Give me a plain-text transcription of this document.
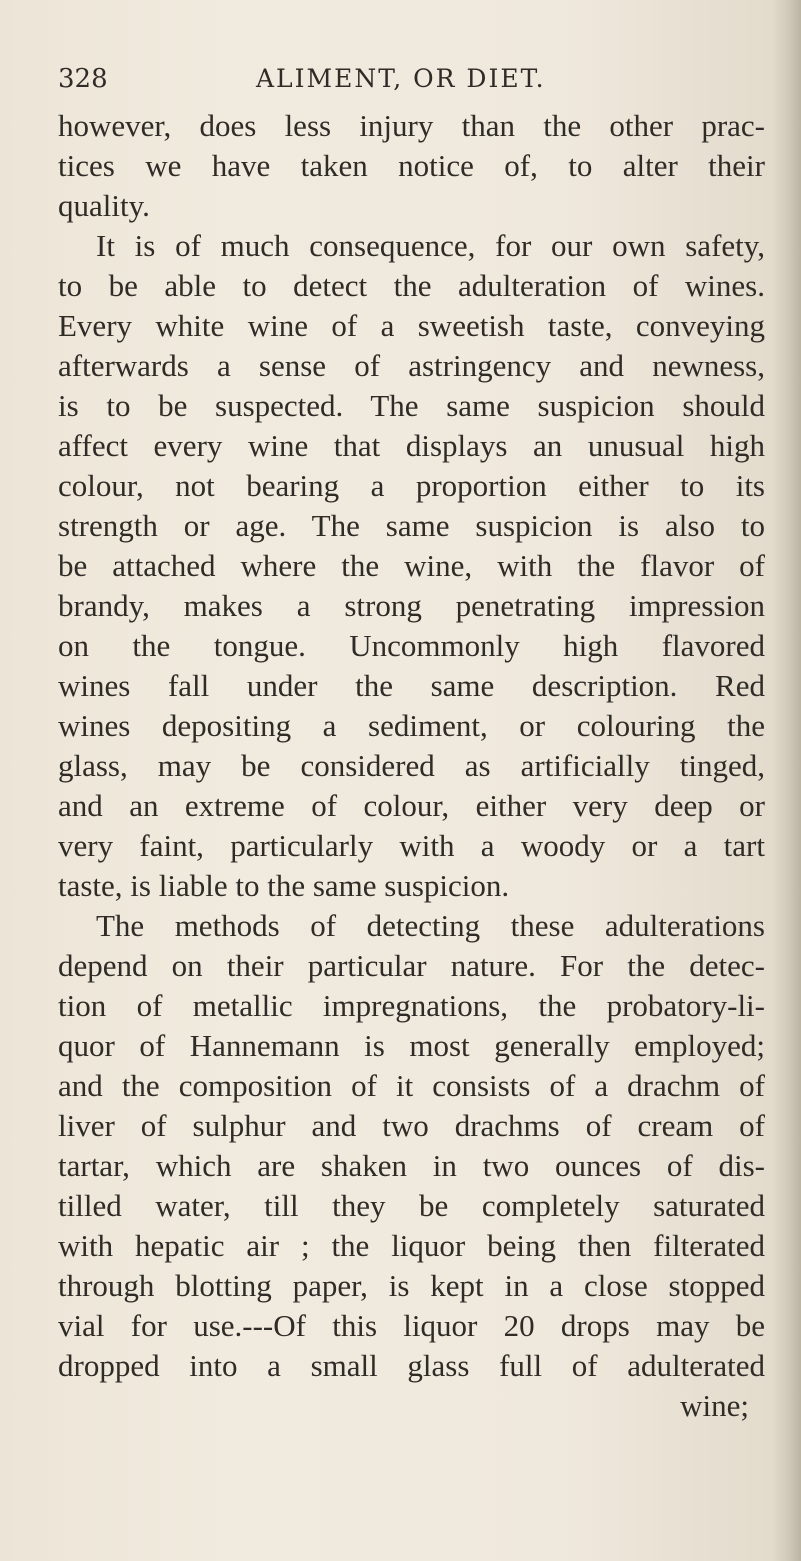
328	ALIMENT, OR DIET.
however, does less injury than the other prac-
tices we have taken notice of, to alter their
quality.
It is of much consequence, for our own safety,
to be able to detect the adulteration of wines.
Every white wine of a sweetish taste, conveying
afterwards a sense of astringency and newness,
is to be suspected. The same suspicion should
affect every wine that displays an unusual high
colour, not bearing a proportion either to its
strength or age. The same suspicion is also to
be attached where the wine, with the flavor of
brandy, makes a strong penetrating impression
on the tongue. Uncommonly high flavored
wines fall under the same description. Red
wines depositing a sediment, or colouring the
glass, may be considered as artificially tinged,
and an extreme of colour, either very deep or
very faint, particularly with a woody or a tart
taste, is liable to the same suspicion.
The methods of detecting these adulterations
depend on their particular nature. For the detec-
tion of metallic impregnations, the probatory-li-
quor of Hannemann is most generally employed;
and the composition of it consists of a drachm of
liver of sulphur and two drachms of cream of
tartar, which are shaken in two ounces of dis-
tilled water, till they be completely saturated
with hepatic air ; the liquor being then filterated
through blotting paper, is kept in a close stopped
vial for use.---Of this liquor 20 drops may be
dropped into a small glass full of adulterated
wine;
